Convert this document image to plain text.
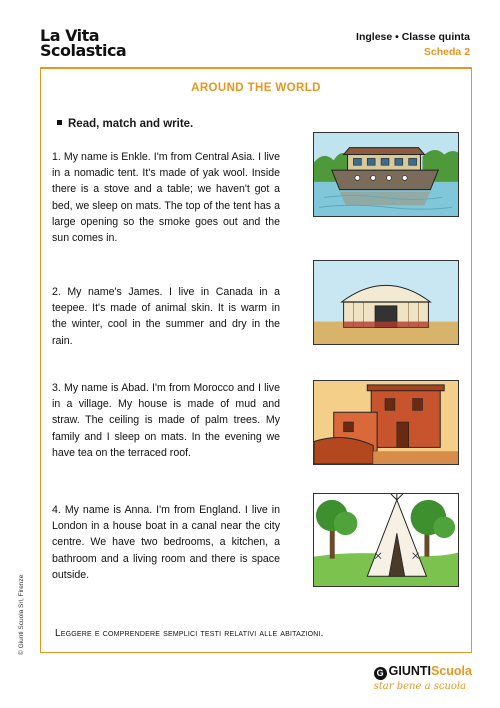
La Vita
Scolastica
Inglese • Classe quinta
Scheda 2
AROUND THE WORLD
Read, match and write.

1. My name is Enkle. I'm from Central Asia. I live in a nomadic tent. It's made of yak wool. Inside there is a stove and a table; we haven't got a bed, we sleep on mats. The top of the tent has a large opening so the smoke goes out and the sun comes in.

2. My name's James. I live in Canada in a teepee. It's made of animal skin. It is warm in the winter, cool in the summer and dry in the rain.

3. My name is Abad. I'm from Morocco and I live in a village. My house is made of mud and straw. The ceiling is made of palm trees. My family and I sleep on mats. In the evening we have tea on the terraced roof.

4. My name is Anna. I'm from England. I live in London in a house boat in a canal near the city centre. We have two bedrooms, a kitchen, a bathroom and a living room and there is space outside.

Leggere e comprendere semplici testi relativi alle abitazioni.
© Giunti Scuola Srl, Firenze
G GIUNTIScuola
star bene a scuola
